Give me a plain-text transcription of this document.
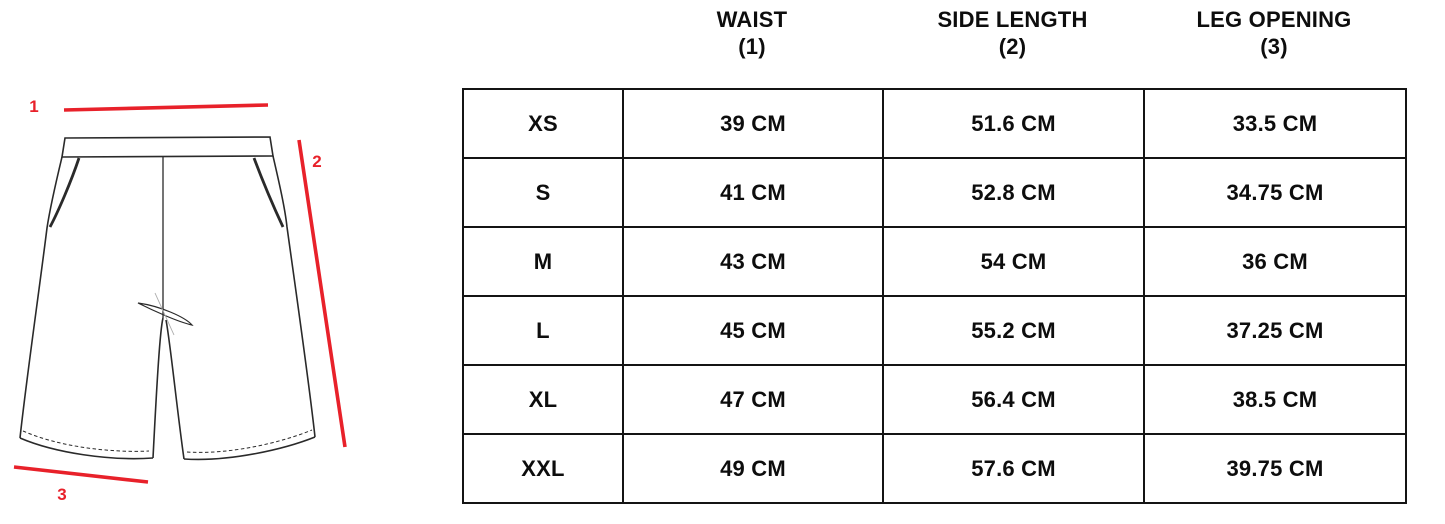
1
2
3
WAIST
(1)
SIDE LENGTH
(2)
LEG OPENING
(3)
XS	39 CM	51.6 CM	33.5 CM
S	41 CM	52.8 CM	34.75 CM
M	43 CM	54 CM	36 CM
L	45 CM	55.2 CM	37.25 CM
XL	47 CM	56.4 CM	38.5 CM
XXL	49 CM	57.6 CM	39.75 CM
